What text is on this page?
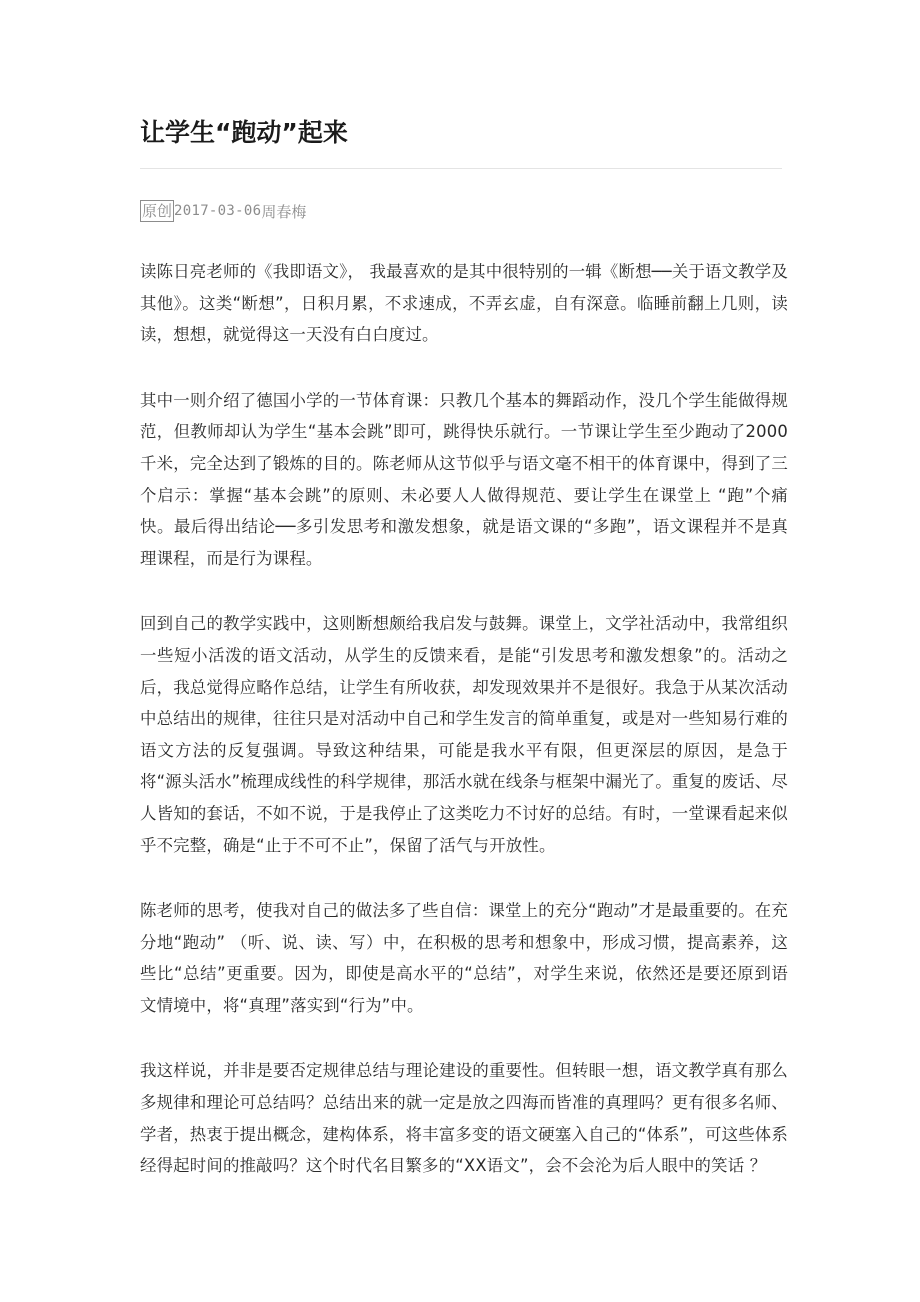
让学生“跑动”起来
原创 2017-03-06 周春梅

读陈日亮老师的《我即语文》， 我最喜欢的是其中很特别的一辑《断想──关于语文教学及其他》。这类“断想”，日积月累，不求速成，不弄玄虚，自有深意。临睡前翻上几则，读读，想想，就觉得这一天没有白白度过。

其中一则介绍了德国小学的一节体育课：只教几个基本的舞蹈动作，没几个学生能做得规范，但教师却认为学生“基本会跳”即可，跳得快乐就行。一节课让学生至少跑动了2000千米，完全达到了锻炼的目的。陈老师从这节似乎与语文毫不相干的体育课中，得到了三个启示：掌握“基本会跳”的原则、未必要人人做得规范、要让学生在课堂上 “跑”个痛快。最后得出结论──多引发思考和激发想象，就是语文课的“多跑”，语文课程并不是真理课程，而是行为课程。

回到自己的教学实践中，这则断想颇给我启发与鼓舞。课堂上，文学社活动中，我常组织一些短小活泼的语文活动，从学生的反馈来看，是能“引发思考和激发想象”的。活动之后，我总觉得应略作总结，让学生有所收获，却发现效果并不是很好。我急于从某次活动中总结出的规律，往往只是对活动中自己和学生发言的简单重复，或是对一些知易行难的语文方法的反复强调。导致这种结果，可能是我水平有限，但更深层的原因，是急于将“源头活水”梳理成线性的科学规律，那活水就在线条与框架中漏光了。重复的废话、尽人皆知的套话，不如不说，于是我停止了这类吃力不讨好的总结。有时，一堂课看起来似乎不完整，确是“止于不可不止”，保留了活气与开放性。

陈老师的思考，使我对自己的做法多了些自信：课堂上的充分“跑动”才是最重要的。在充分地“跑动” （听、说、读、写）中，在积极的思考和想象中，形成习惯，提高素养，这些比“总结”更重要。因为，即使是高水平的“总结”，对学生来说，依然还是要还原到语文情境中，将“真理”落实到“行为”中。

我这样说，并非是要否定规律总结与理论建设的重要性。但转眼一想，语文教学真有那么多规律和理论可总结吗？总结出来的就一定是放之四海而皆准的真理吗？更有很多名师、学者，热衷于提出概念，建构体系，将丰富多变的语文硬塞入自己的“体系”，可这些体系经得起时间的推敲吗？这个时代名目繁多的“XX语文”，会不会沦为后人眼中的笑话 ？
